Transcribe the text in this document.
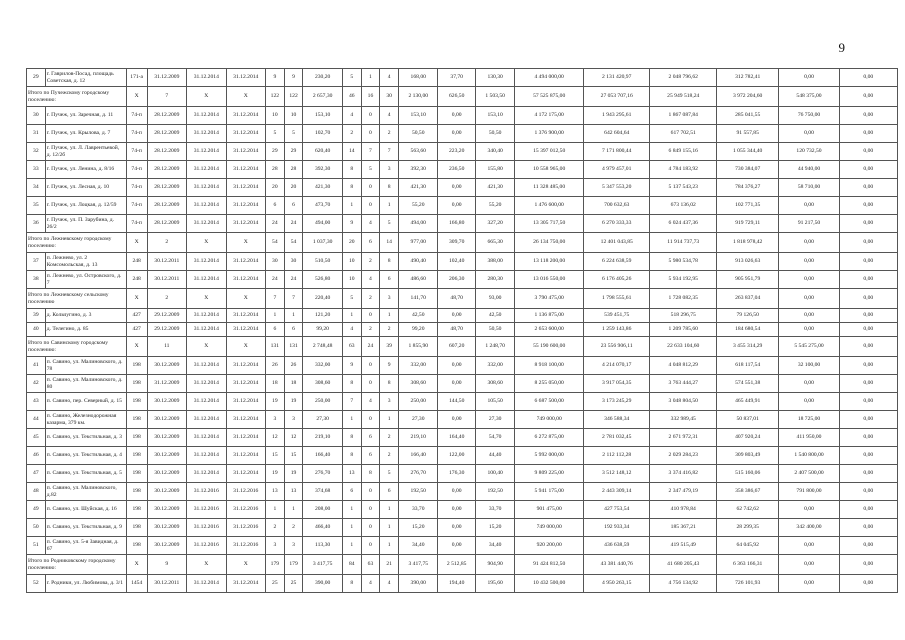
9
29	г. Гаврилов-Посад, площадь Советская, д. 12	171-а	31.12.2009	31.12.2014	31.12.2014	9	9	230,20	5	1	4	168,00	37,70	130,30	4 494 000,00	2 131 420,97	2 048 796,62	312 782,41	0,00	0,00
Итого по Пучежскому городскому поселению:		X	7	X	X	122	122	2 657,30	46	16	30	2 130,00	626,50	1 503,50	57 525 875,00	27 053 707,16	25 949 518,24	3 972 204,60	548 375,00	0,00
30	г. Пучеж, ул. Заречная, д. 11	74-п	28.12.2009	31.12.2014	31.12.2014	10	10	153,10	4	0	4	153,10	0,00	153,10	4 172 175,00	1 943 295,61	1 867 087,84	285 041,55	76 750,00	0,00
31	г. Пучеж, ул. Крылова, д. 7	74-п	28.12.2009	31.12.2014	31.12.2014	5	5	102,70	2	0	2	50,50	0,00	50,50	1 376 900,00	642 604,64	617 702,51	91 557,85	0,00	0,00
32	г. Пучеж, ул. Л. Лаврентьевой, д. 12/2б	74-п	28.12.2009	31.12.2014	31.12.2014	29	29	620,40	14	7	7	563,60	223,20	340,40	15 397 012,50	7 171 800,44	6 849 155,16	1 055 344,40	120 732,50	0,00
33	г. Пучеж, ул. Ленина, д. 8/16	74-п	28.12.2009	31.12.2014	31.12.2014	28	28	392,30	8	5	3	392,30	236,50	155,80	10 558 965,00	4 979 457,01	4 784 183,92	730 384,07	44 940,00	0,00
34	г. Пучеж, ул. Лесная, д. 10	74-п	28.12.2009	31.12.2014	31.12.2014	20	20	421,30	8	0	8	421,30	0,00	421,30	11 328 485,00	5 347 553,20	5 137 543,23	784 376,27	58 710,00	0,00
35	г. Пучеж, ул. Лоцкая, д. 12/59	74-п	28.12.2009	31.12.2014	31.12.2014	6	6	473,70	1	0	1	55,20	0,00	55,20	1 476 600,00	700 632,63	673 136,02	102 771,35	0,00	0,00
36	г. Пучеж, ул. П. Зарубина, д. 26/2	74-п	28.12.2009	31.12.2014	31.12.2014	24	24	494,00	9	4	5	494,00	166,80	327,20	13 305 717,50	6 270 333,33	6 024 437,36	919 729,11	91 217,50	0,00
Итого по Лежневскому городскому поселению:		X	2	X	X	54	54	1 037,30	20	6	14	977,00	309,70	665,30	26 134 750,00	12 401 043,85	11 914 737,73	1 818 978,42	0,00	0,00
37	п. Лежнево, ул. 2 Комсомольская, д. 13	248	30.12.2011	31.12.2014	31.12.2014	30	30	510,50	10	2	8	490,40	102,40	388,00	13 118 200,00	6 224 638,59	5 980 534,78	913 026,63	0,00	0,00
38	п. Лежнево, ул. Островского, д. 7	248	30.12.2011	31.12.2014	31.12.2014	24	24	526,80	10	4	6	486,60	206,30	280,30	13 016 550,00	6 176 405,26	5 934 192,95	905 951,79	0,00	0,00
Итого по Лежневскому сельскому поселению		X	2	X	X	7	7	220,40	5	2	3	141,70	48,70	93,00	3 790 475,00	1 798 555,61	1 728 082,35	263 837,04	0,00	0,00
39	д. Кольчугино, д. 3	427	29.12.2009	31.12.2014	31.12.2014	1	1	121,20	1	0	1	42,50	0,00	42,50	1 136 875,00	539 451,75	518 296,75	79 126,50	0,00	0,00
40	д. Телегино, д. 85	427	29.12.2009	31.12.2014	31.12.2014	6	6	99,20	4	2	2	99,20	48,70	50,50	2 653 600,00	1 259 143,86	1 209 785,60	184 680,54	0,00	0,00
Итого по Савинскому городскому поселению:		X	11	X	X	131	131	2 748,48	63	24	39	1 855,90	607,20	1 248,70	55 190 600,00	23 556 906,11	22 633 104,60	3 455 314,29	5 545 275,00	0,00
41	п. Савино, ул. Малиновского, д. 78	198	30.12.2009	31.12.2014	31.12.2014	26	26	332,00	9	0	9	332,00	0,00	332,00	8 918 100,00	4 214 070,17	4 048 812,29	618 117,54	32 100,00	0,00
42	п. Савино, ул. Малиновского, д. 80	198	31.12.2009	31.12.2014	31.12.2014	18	18	308,60	8	0	8	308,60	0,00	308,60	8 255 050,00	3 917 054,35	3 763 444,27	574 551,38	0,00	0,00
43	п. Савино, пер. Северный, д. 15	198	30.12.2009	31.12.2014	31.12.2014	19	19	250,00	7	4	3	250,00	144,50	105,50	6 687 500,00	3 173 245,29	3 048 804,50	465 449,91	0,00	0,00
44	п. Савино, Железнодорожная казарма, 379 км.	198	30.12.2009	31.12.2014	31.12.2014	3	3	27,30	1	0	1	27,30	0,00	27,30	749 000,00	346 588,34	332 989,45	50 837,01	18 725,00	0,00
45	п. Савино, ул. Текстильная, д. 3	198	30.12.2009	31.12.2014	31.12.2014	12	12	219,10	8	6	2	219,10	164,40	54,70	6 272 875,00	2 781 032,45	2 671 972,31	407 920,24	411 950,00	0,00
46	п. Савино, ул. Текстильная, д. 4	198	30.12.2009	31.12.2014	31.12.2014	15	15	166,40	8	6	2	166,40	122,00	44,40	5 992 000,00	2 112 112,28	2 029 284,23	309 803,49	1 540 800,00	0,00
47	п. Савино, ул. Текстильная, д. 5	198	30.12.2009	31.12.2014	31.12.2014	19	19	276,70	13	8	5	276,70	176,30	100,40	9 809 225,00	3 512 148,12	3 374 416,82	515 160,06	2 407 500,00	0,00
48	п. Савино, ул. Малиновского, д.82	198	30.12.2009	31.12.2016	31.12.2016	13	13	374,68	6	0	6	192,50	0,00	192,50	5 941 175,00	2 443 309,14	2 347 479,19	358 386,67	791 800,00	0,00
49	п. Савино, ул. Шуйская, д. 16	198	30.12.2009	31.12.2016	31.12.2016	1	1	208,00	1	0	1	33,70	0,00	33,70	901 475,00	427 753,54	410 978,84	62 742,62	0,00	0,00
50	п. Савино, ул. Текстильная, д. 9	198	30.12.2009	31.12.2016	31.12.2016	2	2	466,40	1	0	1	15,20	0,00	15,20	749 000,00	192 933,34	185 367,21	28 299,35	342 400,00	0,00
51	п. Савино, ул. 5-я Завидная, д. 67	198	30.12.2009	31.12.2016	31.12.2016	3	3	113,30	1	0	1	34,40	0,00	34,40	920 200,00	436 638,59	419 515,49	64 045,92	0,00	0,00
Итого по Родниковскому городскому поселению:		X	9	X	X	179	179	3 417,75	84	63	21	3 417,75	2 512,85	904,90	91 424 812,50	43 381 440,76	41 680 205,43	6 363 166,31	0,00	0,00
52	г. Родники, ул. Любимова, д. 3/1	1454	30.12.2011	31.12.2014	31.12.2014	25	25	390,00	8	4	4	390,00	194,40	195,60	10 432 500,00	4 950 263,15	4 756 134,92	726 101,93	0,00	0,00
